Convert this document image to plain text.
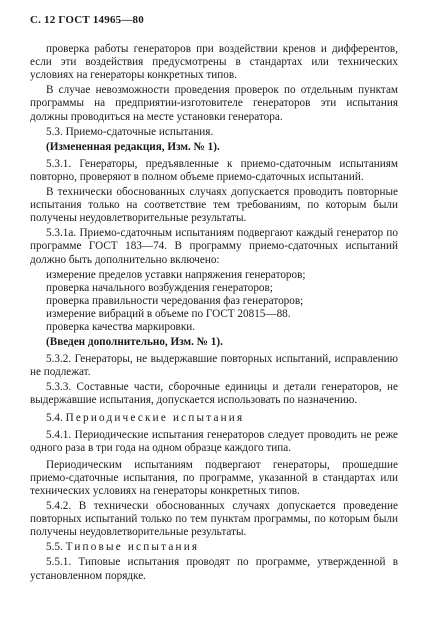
С. 12 ГОСТ 14965—80

проверка работы генераторов при воздействии кренов и дифферентов, если эти воздействия предусмотрены в стандартах или технических условиях на генераторы конкретных типов.

В случае невозможности проведения проверок по отдельным пунктам программы на предприятии-изготовителе генераторов эти испытания должны проводиться на месте установки генератора.

5.3. Приемо-сдаточные испытания.

(Измененная редакция, Изм. № 1).

5.3.1. Генераторы, предъявленные к приемо-сдаточным испытаниям повторно, проверяют в полном объеме приемо-сдаточных испытаний.

В технически обоснованных случаях допускается проводить повторные испытания только на соответствие тем требованиям, по которым были получены неудовлетворительные результаты.

5.3.1а. Приемо-сдаточным испытаниям подвергают каждый генератор по программе ГОСТ 183—74. В программу приемо-сдаточных испытаний должно быть дополнительно включено:

измерение пределов уставки напряжения генераторов;

проверка начального возбуждения генераторов;

проверка правильности чередования фаз генераторов;

измерение вибраций в объеме по ГОСТ 20815—88.

проверка качества маркировки.

(Введен дополнительно, Изм. № 1).

5.3.2. Генераторы, не выдержавшие повторных испытаний, исправлению не подлежат.

5.3.3. Составные части, сборочные единицы и детали генераторов, не выдержавшие испытания, допускается использовать по назначению.

5.4. Периодические испытания

5.4.1. Периодические испытания генераторов следует проводить не реже одного раза в три года на одном образце каждого типа.

Периодическим испытаниям подвергают генераторы, прошедшие приемо-сдаточные испытания, по программе, указанной в стандартах или технических условиях на генераторы конкретных типов.

5.4.2. В технически обоснованных случаях допускается проведение повторных испытаний только по тем пунктам программы, по которым были получены неудовлетворительные результаты.

5.5. Типовые испытания

5.5.1. Типовые испытания проводят по программе, утвержденной в установленном порядке.
